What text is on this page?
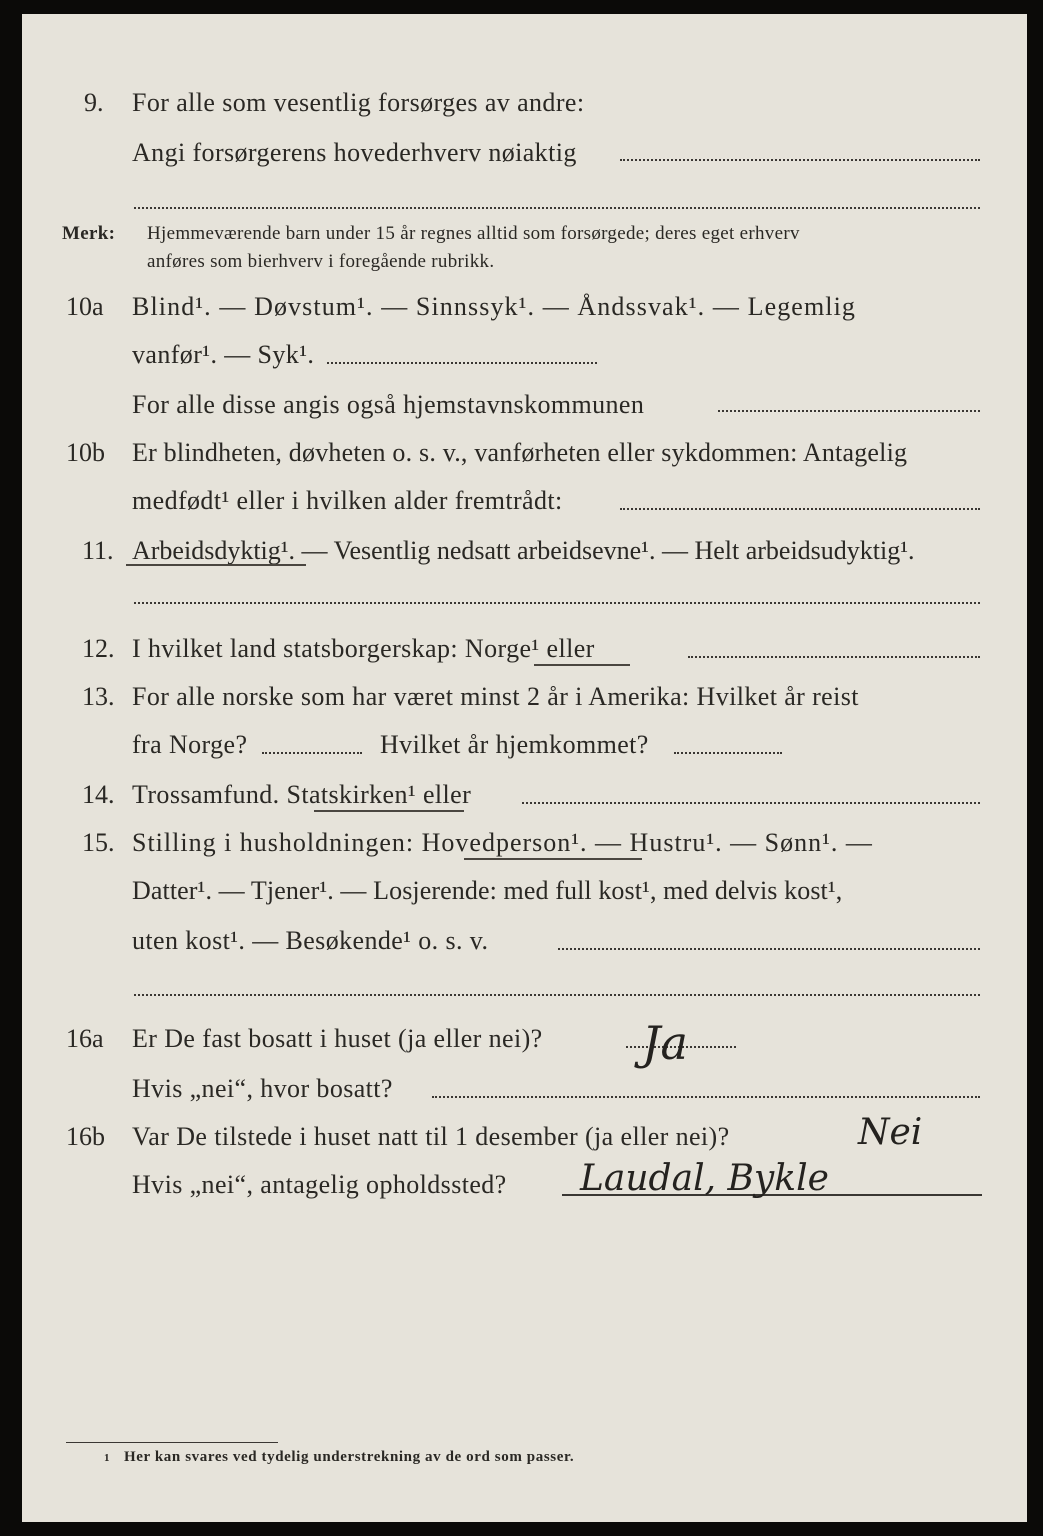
9. For alle som vesentlig forsørges av andre:
Angi forsørgerens hovederhverv nøiaktig
Merk: Hjemmeværende barn under 15 år regnes alltid som forsørgede; deres eget erhverv
anføres som bierhverv i foregående rubrikk.
10a Blind¹. — Døvstum¹. — Sinnssyk¹. — Åndssvak¹. — Legemlig
vanfør¹. — Syk¹.
For alle disse angis også hjemstavnskommunen
10b Er blindheten, døvheten o. s. v., vanførheten eller sykdommen: Antagelig
medfødt¹ eller i hvilken alder fremtrådt:
11. Arbeidsdyktig¹. — Vesentlig nedsatt arbeidsevne¹. — Helt arbeidsudyktig¹.
12. I hvilket land statsborgerskap: Norge¹ eller
13. For alle norske som har været minst 2 år i Amerika: Hvilket år reist
fra Norge?	Hvilket år hjemkommet?
14. Trossamfund. Statskirken¹ eller
15. Stilling i husholdningen: Hovedperson¹. — Hustru¹. — Sønn¹. —
Datter¹. — Tjener¹. — Losjerende: med full kost¹, med delvis kost¹,
uten kost¹. — Besøkende¹ o. s. v.
16a Er De fast bosatt i huset (ja eller nei)? Ja
Hvis „nei“, hvor bosatt?
16b Var De tilstede i huset natt til 1 desember (ja eller nei)?	Nei
Hvis „nei“, antagelig opholdssted? Laudal, Bykle
1 Her kan svares ved tydelig understrekning av de ord som passer.
